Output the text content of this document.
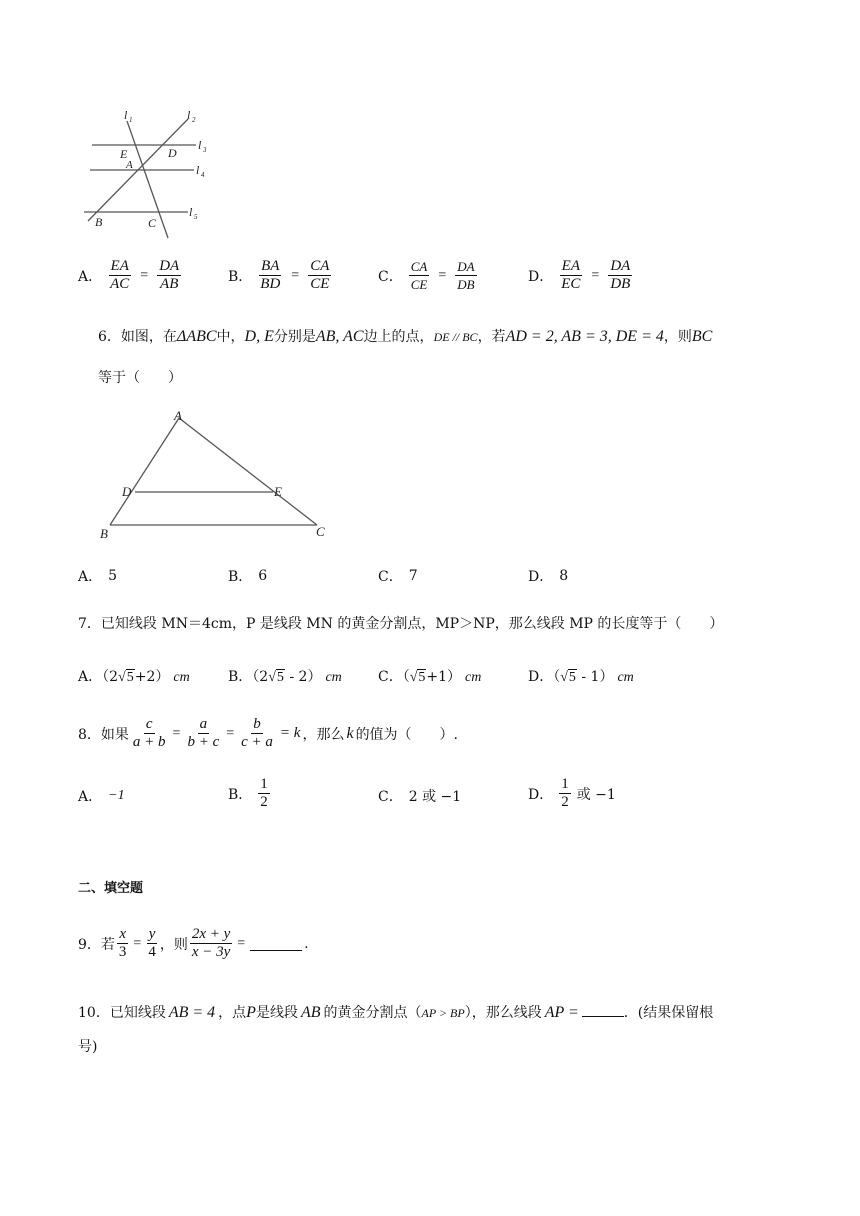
l 1	l 2
l 3
l 4
l 5
E	D
A
B	C
A． $\frac{EA}{AC} = \frac{DA}{AB}$	B． $\frac{BA}{BD} = \frac{CA}{CE}$	C． $\frac{CA}{CE} = \frac{DA}{DB}$	D． $\frac{EA}{EC} = \frac{DA}{DB}$
6．如图，在ΔABC中，D, E分别是AB, AC边上的点，DE // BC，若AD = 2, AB = 3, DE = 4，则BC
等于（　　）
A
D	E
B	C
A． 5	B． 6	C． 7	D． 8
7．已知线段 MN＝4cm，P 是线段 MN 的黄金分割点，MP＞NP，那么线段 MP 的长度等于（　　）
A．（2√5+2） cm	B．（2√5 - 2） cm	C．（√5+1） cm	D．（√5 - 1） cm
8．如果 $\frac{c}{a + b} = \frac{a}{b + c} = \frac{b}{c + a} = k$ ，那么 k 的值为（　　）.
A． −1	B． $\frac{1}{2}$	C． 2 或 −1	D． $\frac{1}{2}$ 或 −1
二、填空题
9．若 $\frac{x}{3} = \frac{y}{4}$ ，则 $\frac{2x + y}{x - 3y}$ =	.
10．已知线段 AB = 4 ，点P是线段 AB 的黄金分割点（AP > BP），那么线段 AP =	．(结果保留根
号)
